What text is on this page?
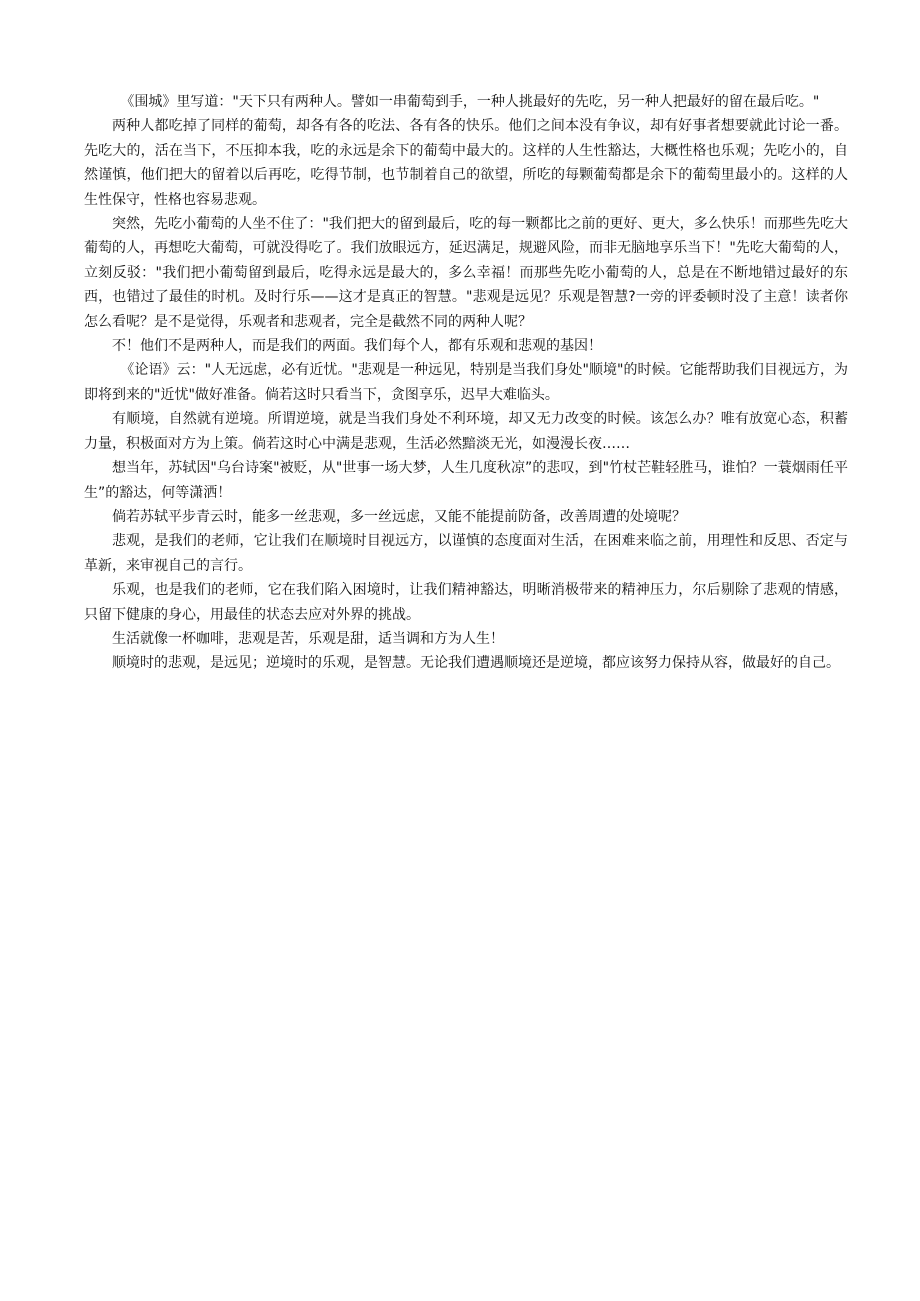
《围城》里写道："天下只有两种人。譬如一串葡萄到手，一种人挑最好的先吃，另一种人把最好的留在最后吃。"

两种人都吃掉了同样的葡萄，却各有各的吃法、各有各的快乐。他们之间本没有争议，却有好事者想要就此讨论一番。先吃大的，活在当下，不压抑本我，吃的永远是余下的葡萄中最大的。这样的人生性豁达，大概性格也乐观；先吃小的，自然谨慎，他们把大的留着以后再吃，吃得节制，也节制着自己的欲望，所吃的每颗葡萄都是余下的葡萄里最小的。这样的人生性保守，性格也容易悲观。

突然，先吃小葡萄的人坐不住了："我们把大的留到最后，吃的每一颗都比之前的更好、更大，多么快乐！而那些先吃大葡萄的人，再想吃大葡萄，可就没得吃了。我们放眼远方，延迟满足，规避风险，而非无脑地享乐当下！"先吃大葡萄的人，立刻反驳："我们把小葡萄留到最后，吃得永远是最大的，多么幸福！而那些先吃小葡萄的人，总是在不断地错过最好的东西，也错过了最佳的时机。及时行乐——这才是真正的智慧。"悲观是远见？乐观是智慧?一旁的评委顿时没了主意！读者你怎么看呢？是不是觉得，乐观者和悲观者，完全是截然不同的两种人呢？

不！他们不是两种人，而是我们的两面。我们每个人，都有乐观和悲观的基因！

《论语》云："人无远虑，必有近忧。"悲观是一种远见，特别是当我们身处"顺境"的时候。它能帮助我们目视远方，为即将到来的"近忧"做好准备。倘若这时只看当下，贪图享乐，迟早大难临头。

有顺境，自然就有逆境。所谓逆境，就是当我们身处不利环境，却又无力改变的时候。该怎么办？唯有放宽心态，积蓄力量，积极面对方为上策。倘若这时心中满是悲观，生活必然黯淡无光，如漫漫长夜……

想当年，苏轼因"乌台诗案"被贬，从"世事一场大梦，人生几度秋凉”的悲叹，到"竹杖芒鞋轻胜马，谁怕？一蓑烟雨任平生”的豁达，何等潇洒！

倘若苏轼平步青云时，能多一丝悲观，多一丝远虑，又能不能提前防备，改善周遭的处境呢？

悲观，是我们的老师，它让我们在顺境时目视远方，以谨慎的态度面对生活，在困难来临之前，用理性和反思、否定与革新，来审视自己的言行。

乐观，也是我们的老师，它在我们陷入困境时，让我们精神豁达，明晰消极带来的精神压力，尔后剔除了悲观的情感，只留下健康的身心，用最佳的状态去应对外界的挑战。

生活就像一杯咖啡，悲观是苦，乐观是甜，适当调和方为人生！

顺境时的悲观，是远见；逆境时的乐观，是智慧。无论我们遭遇顺境还是逆境，都应该努力保持从容，做最好的自己。
